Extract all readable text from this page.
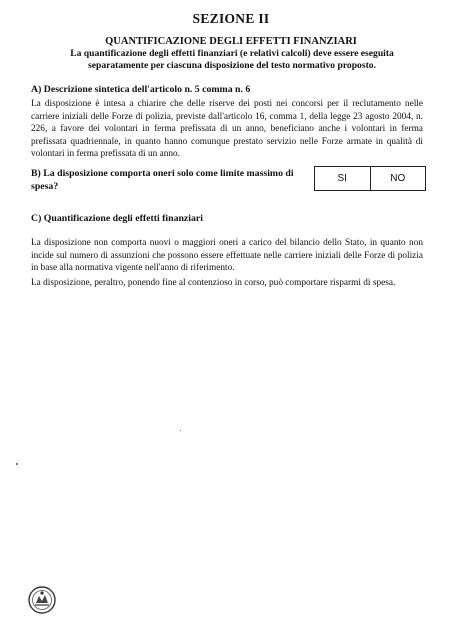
SEZIONE II
QUANTIFICAZIONE DEGLI EFFETTI FINANZIARI
La quantificazione degli effetti finanziari (e relativi calcoli) deve essere eseguita separatamente per ciascuna disposizione del testo normativo proposto.
A) Descrizione sintetica dell'articolo n. 5 comma n. 6
La disposizione è intesa a chiarire che delle riserve dei posti nei concorsi per il reclutamento nelle carriere iniziali delle Forze di polizia, previste dall'articolo 16, comma 1, della legge 23 agosto 2004, n. 226, a favore dei volontari in ferma prefissata di un anno, beneficiano anche i volontari in ferma prefissata quadriennale, in quanto hanno comunque prestato servizio nelle Forze armate in qualità di volontari in ferma prefissata di un anno.
B) La disposizione comporta oneri solo come limite massimo di spesa?
SI	NO
C) Quantificazione degli effetti finanziari
La disposizione non comporta nuovi o maggiori oneri a carico del bilancio dello Stato, in quanto non incide sul numero di assunzioni che possono essere effettuate nelle carriere iniziali delle Forze di polizia in base alla normativa vigente nell'anno di riferimento.
La disposizione, peraltro, ponendo fine al contenzioso in corso, può comportare risparmi di spesa.
